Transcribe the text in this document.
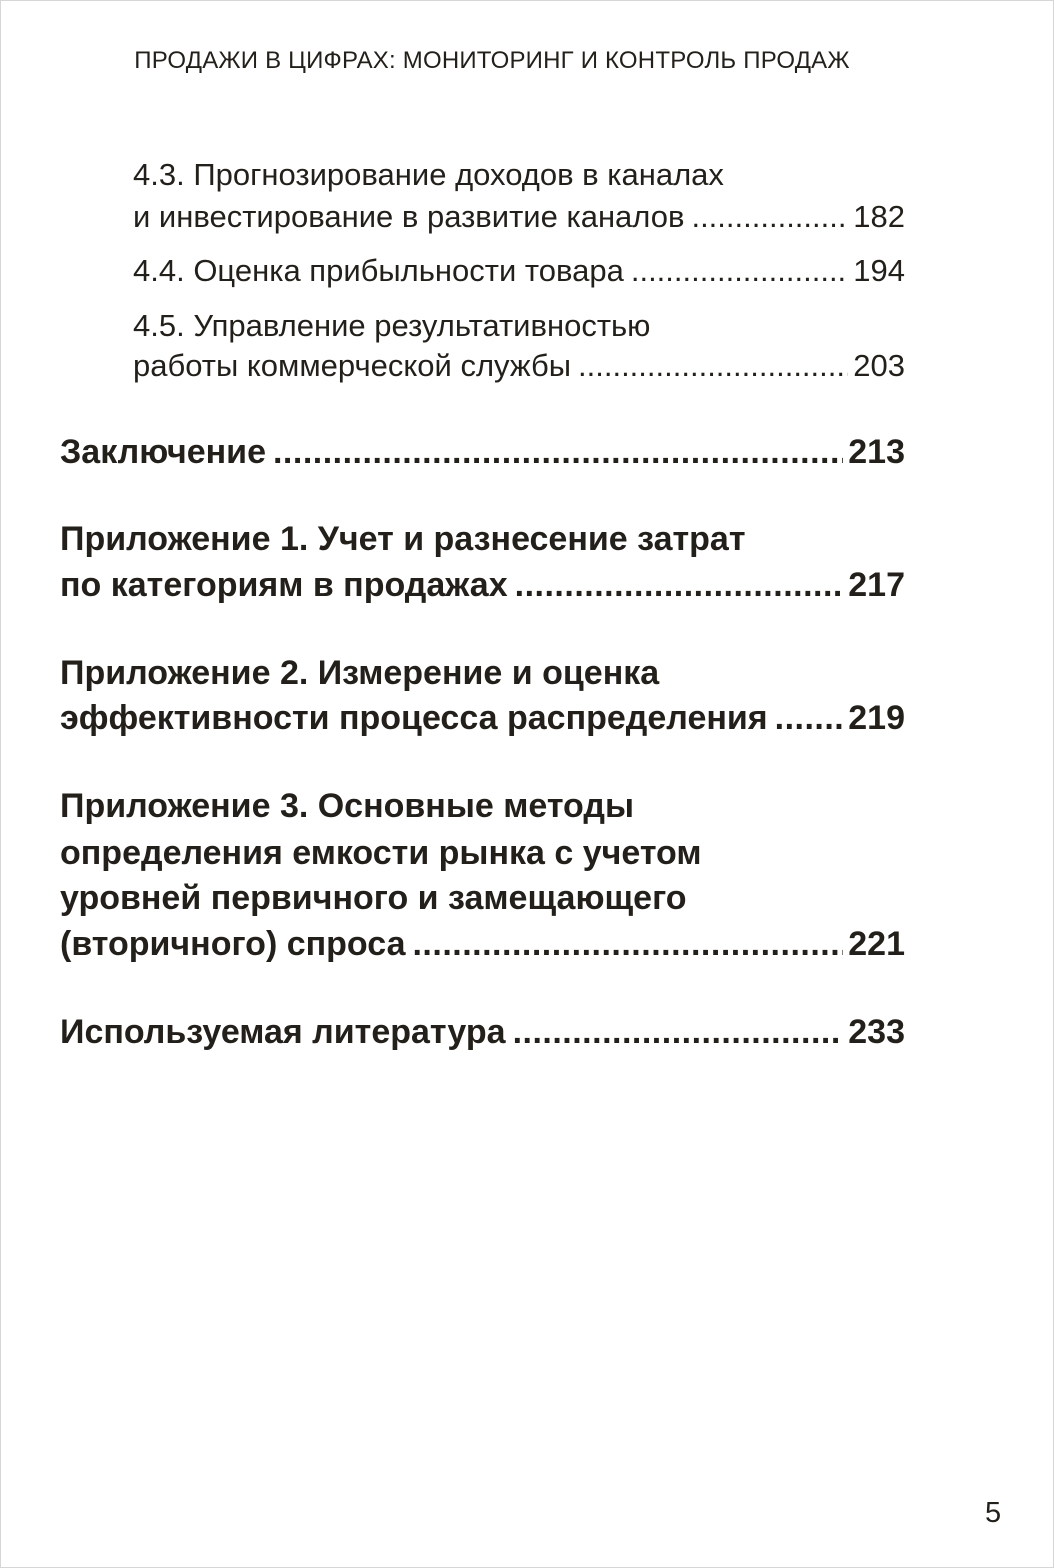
ПРОДАЖИ В ЦИФРАХ: МОНИТОРИНГ И КОНТРОЛЬ ПРОДАЖ
4.3. Прогнозирование доходов в каналах
и инвестирование в развитие каналов .....	182
4.4. Оценка прибыльности товара .....	194
4.5. Управление результативностью
работы коммерческой службы .....	203
Заключение .....	213
Приложение 1. Учет и разнесение затрат
по категориям в продажах .....	217
Приложение 2. Измерение и оценка
эффективности процесса распределения ..... 219
Приложение 3. Основные методы
определения емкости рынка с учетом
уровней первичного и замещающего
(вторичного) спроса .....	221
Используемая литература .....	233
5
